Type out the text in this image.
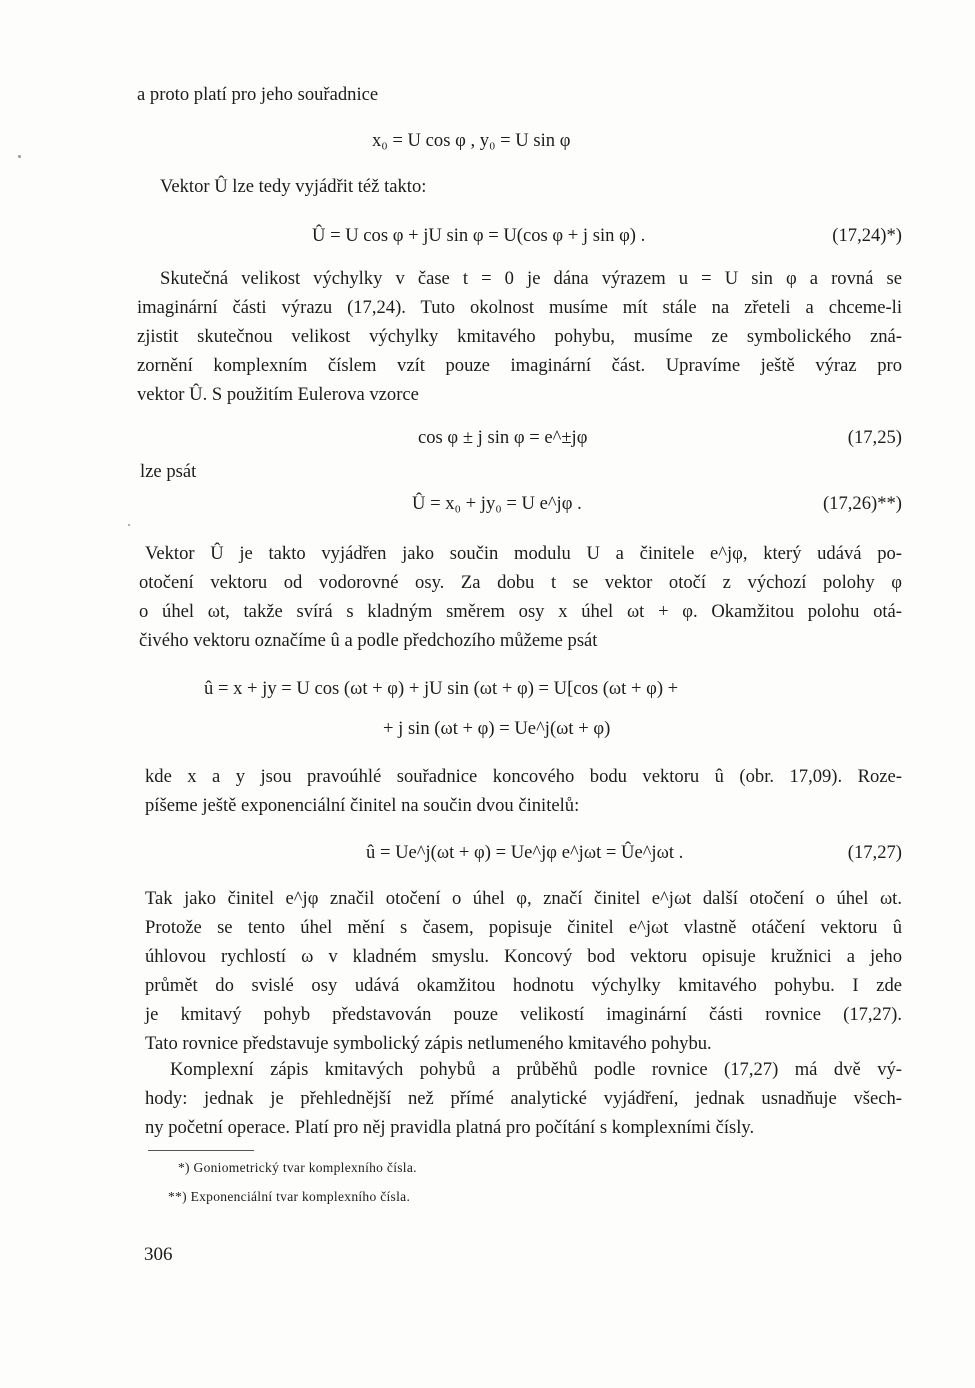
a proto platí pro jeho souřadnice
x₀ = U cos φ , y₀ = U sin φ
Vektor Û lze tedy vyjádřit též takto:
Û = U cos φ + jU sin φ = U(cos φ + j sin φ) .	(17,24)*)
Skutečná velikost výchylky v čase t = 0 je dána výrazem u = U sin φ a rovná se
imaginární části výrazu (17,24). Tuto okolnost musíme mít stále na zřeteli a chceme-li
zjistit skutečnou velikost výchylky kmitavého pohybu, musíme ze symbolického zná-
zornění komplexním číslem vzít pouze imaginární část. Upravíme ještě výraz pro
vektor Û. S použitím Eulerova vzorce
cos φ ± j sin φ = e^±jφ	(17,25)
lze psát
Û = x₀ + jy₀ = U e^jφ .	(17,26)**)
Vektor Û je takto vyjádřen jako součin modulu U a činitele e^jφ, který udává po-
otočení vektoru od vodorovné osy. Za dobu t se vektor otočí z výchozí polohy φ
o úhel ωt, takže svírá s kladným směrem osy x úhel ωt + φ. Okamžitou polohu otá-
čivého vektoru označíme û a podle předchozího můžeme psát
û = x + jy = U cos (ωt + φ) + jU sin (ωt + φ) = U[cos (ωt + φ) +
+ j sin (ωt + φ) = Ue^j(ωt + φ)
kde x a y jsou pravoúhlé souřadnice koncového bodu vektoru û (obr. 17,09). Roze-
píšeme ještě exponenciální činitel na součin dvou činitelů:
û = Ue^j(ωt + φ) = Ue^jφ e^jωt = Ûe^jωt .	(17,27)
Tak jako činitel e^jφ značil otočení o úhel φ, značí činitel e^jωt další otočení o úhel ωt.
Protože se tento úhel mění s časem, popisuje činitel e^jωt vlastně otáčení vektoru û
úhlovou rychlostí ω v kladném smyslu. Koncový bod vektoru opisuje kružnici a jeho
průmět do svislé osy udává okamžitou hodnotu výchylky kmitavého pohybu. I zde
je kmitavý pohyb představován pouze velikostí imaginární části rovnice (17,27).
Tato rovnice představuje symbolický zápis netlumeného kmitavého pohybu.
Komplexní zápis kmitavých pohybů a průběhů podle rovnice (17,27) má dvě vý-
hody: jednak je přehlednější než přímé analytické vyjádření, jednak usnadňuje všech-
ny početní operace. Platí pro něj pravidla platná pro počítání s komplexními čísly.
*) Goniometrický tvar komplexního čísla.
**) Exponenciální tvar komplexního čísla.
306
